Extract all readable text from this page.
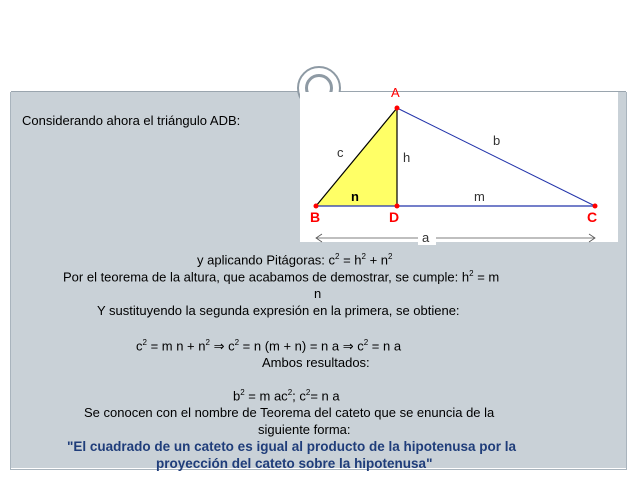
A
B	D	C
c	h
b
n	m
a
Considerando ahora el triángulo ADB:
y aplicando Pitágoras: $c^2 = h^2 + n^2$
Por el teorema de la altura, que acabamos de demostrar, se cumple: $h^2 = m$
n
Y sustituyendo la segunda expresión en la primera, se obtiene:
$c^2 = m$ $n + n^2$ ⇒ $c^2 = n$ (m + n) = n a ⇒ $c^2 = n$ a
Ambos resultados:
$b^2 = m$ $ac^2$; $c^2= n$ a
Se conocen con el nombre de Teorema del cateto que se enuncia de la
siguiente forma:
"El cuadrado de un cateto es igual al producto de la hipotenusa por la
proyección del cateto sobre la hipotenusa"
